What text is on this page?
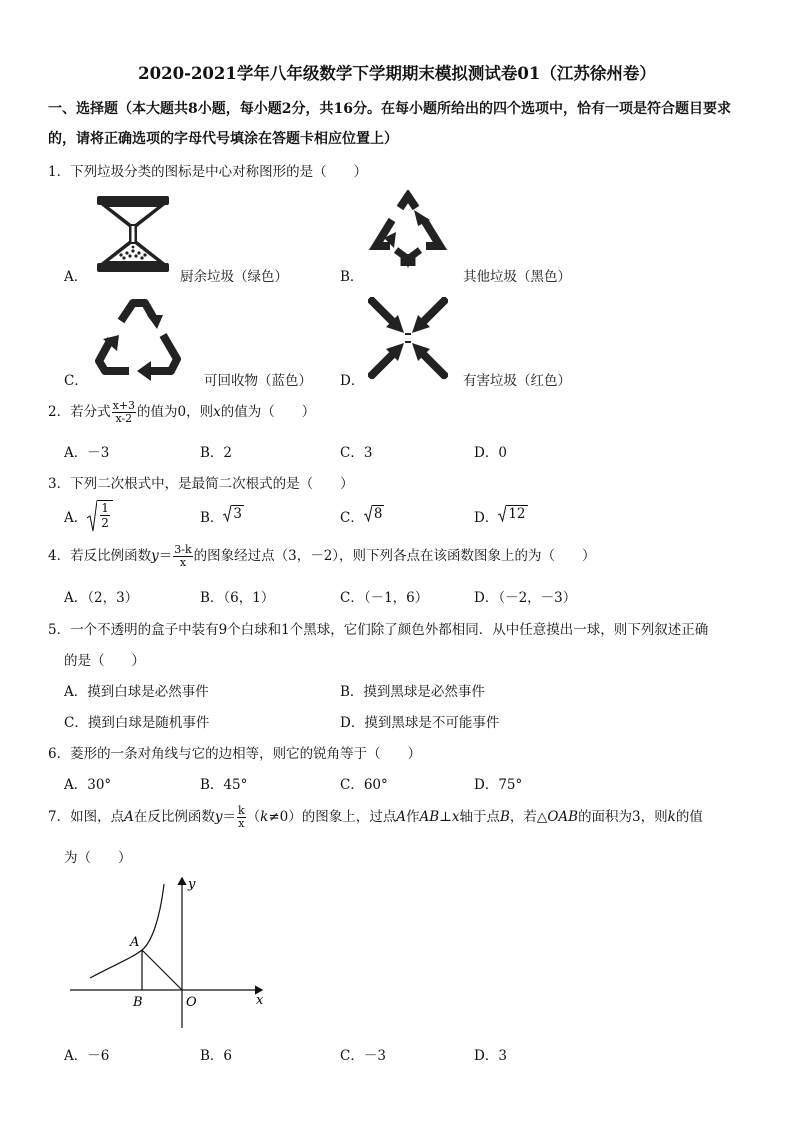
2020-2021学年八年级数学下学期期末模拟测试卷01（江苏徐州卷）
一、选择题（本大题共8小题，每小题2分，共16分。在每小题所给出的四个选项中，恰有一项是符合题目要求
的，请将正确选项的字母代号填涂在答题卡相应位置上）
1．下列垃圾分类的图标是中心对称图形的是（　　）
A．	厨余垃圾（绿色）	B．	其他垃圾（黑色）
C．	可回收物（蓝色） D．	有害垃圾（红色）
2．若分式 $\frac{x+3}{x-2}$ 的值为0，则x的值为（　　）
A．－3	B．2	C．3	D．0
3．下列二次根式中，是最简二次根式的是（　　）
A． $\frac{1}{2}$	B． 3	C． 8	D． 12
4．若反比例函数$y= \frac{3-k}{x}$ 的图象经过点（3，－2），则下列各点在该函数图象上的为（　　）
A．（2，3）	B．（6，1）	C．（－1，6）	D．（－2，－3）
5．一个不透明的盒子中装有9个白球和1个黑球，它们除了颜色外都相同．从中任意摸出一球，则下列叙述正确
的是（　　）
A．摸到白球是必然事件	B．摸到黑球是必然事件
C．摸到白球是随机事件	D．摸到黑球是不可能事件
6．菱形的一条对角线与它的边相等，则它的锐角等于（　　）
A．30°	B．45°	C．60°	D．75°
7．如图，点A在反比例函数$y= \frac{k}{x} (k\ne 0)$的图象上，过点A作AB⊥x轴于点B，若△OAB的面积为3，则k的值
为（　　）
y
x
A
B	O
A．－6	B．6	C．－3	D．3
